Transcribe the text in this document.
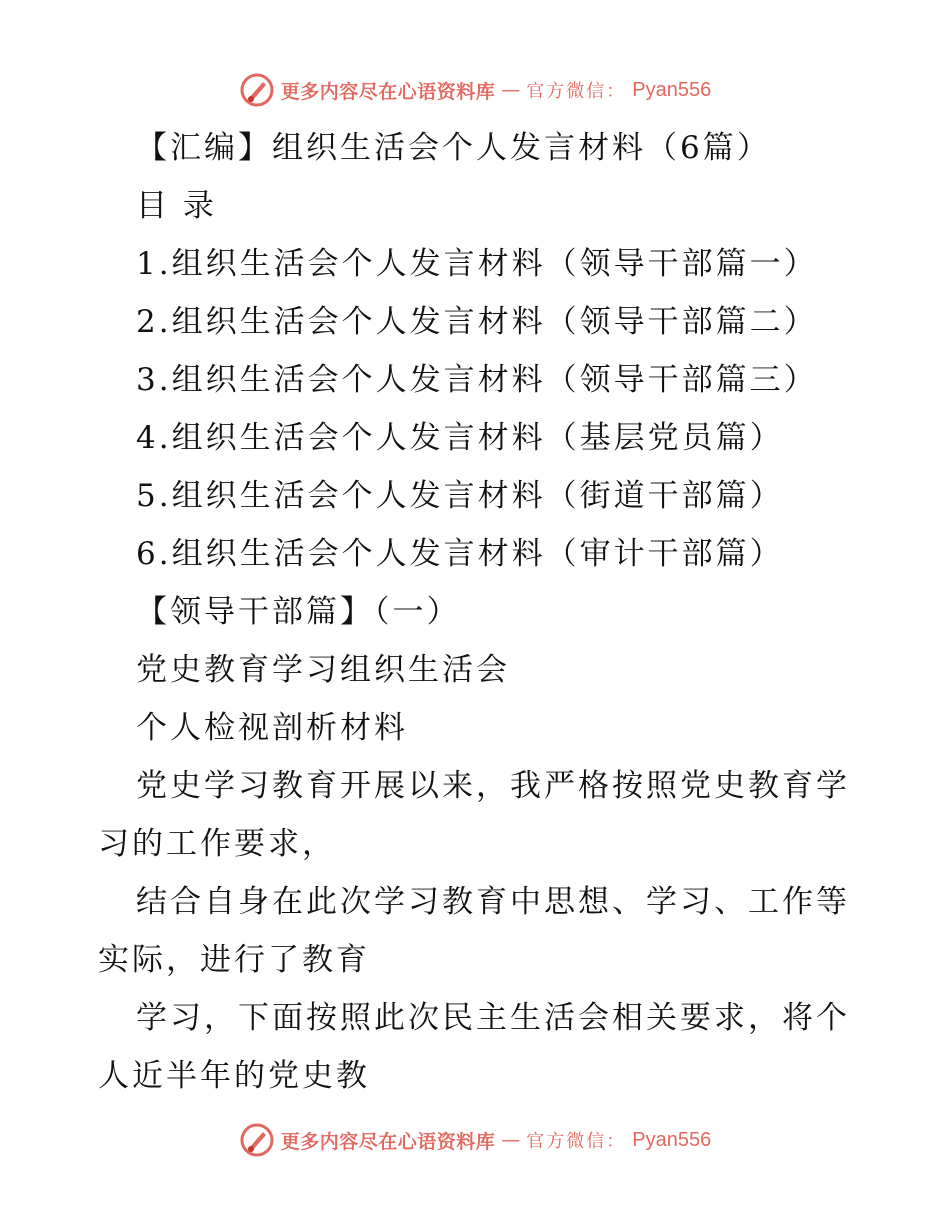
更多内容尽在心语资料库 — 官方微信： Pyan556
【汇编】组织生活会个人发言材料（6篇）
目 录
1.组织生活会个人发言材料（领导干部篇一）
2.组织生活会个人发言材料（领导干部篇二）
3.组织生活会个人发言材料（领导干部篇三）
4.组织生活会个人发言材料（基层党员篇）
5.组织生活会个人发言材料（街道干部篇）
6.组织生活会个人发言材料（审计干部篇）
【领导干部篇】（一）
党史教育学习组织生活会
个人检视剖析材料
党史学习教育开展以来，我严格按照党史教育学
习的工作要求，
结合自身在此次学习教育中思想、学习、工作等
实际，进行了教育
学习，下面按照此次民主生活会相关要求，将个
人近半年的党史教
更多内容尽在心语资料库 — 官方微信： Pyan556
